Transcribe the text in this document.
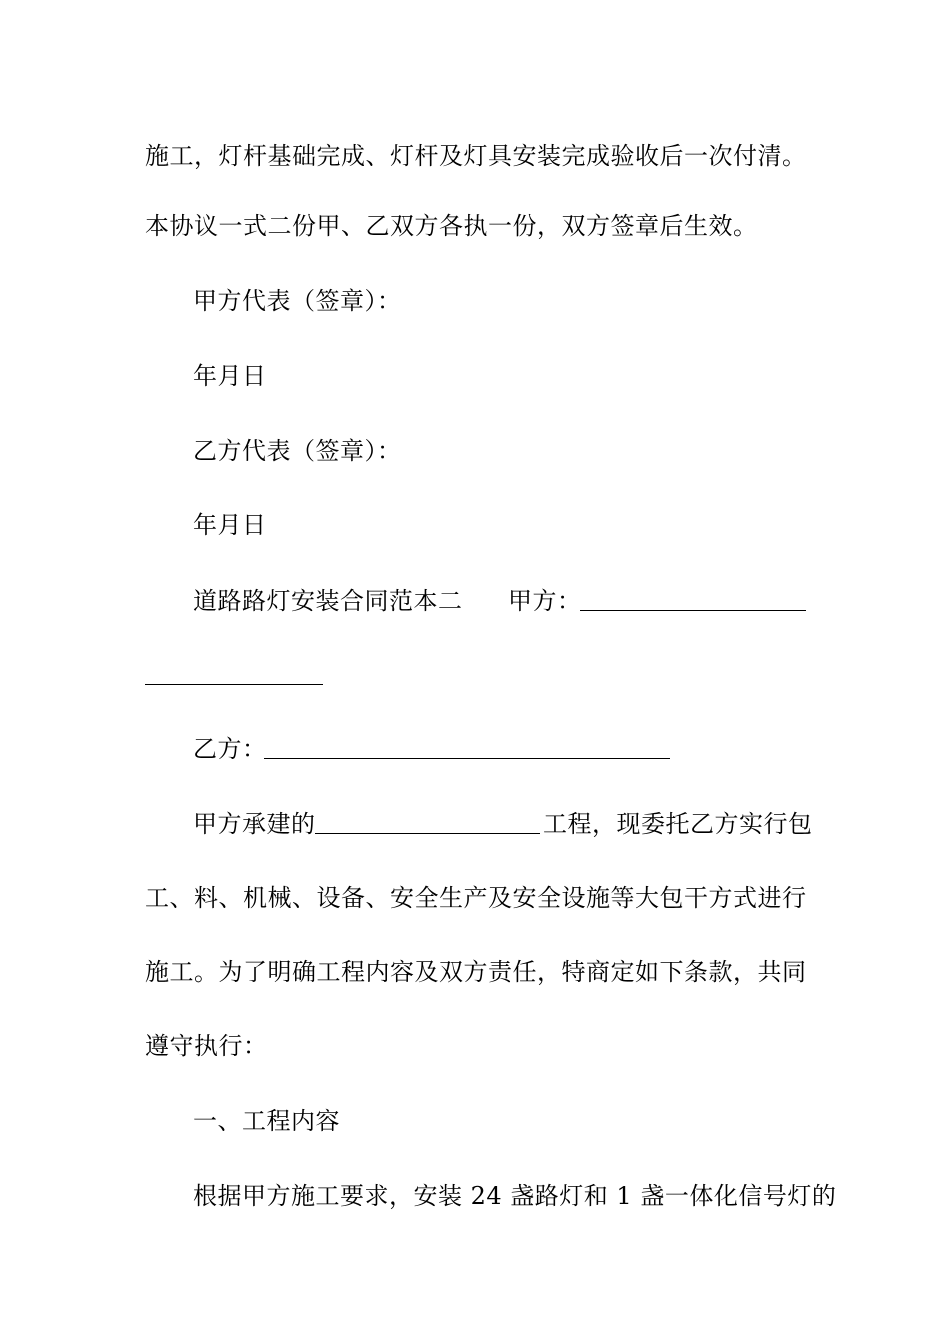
施工，灯杆基础完成、灯杆及灯具安装完成验收后一次付清。
本协议一式二份甲、乙双方各执一份，双方签章后生效。
甲方代表（签章）：
年月日
乙方代表（签章）：
年月日
道路路灯安装合同范本二 甲方：
乙方：
甲方承建的	工程，现委托乙方实行包
工、料、机械、设备、安全生产及安全设施等大包干方式进行
施工。为了明确工程内容及双方责任，特商定如下条款，共同
遵守执行：
一、工程内容
根据甲方施工要求，安装 24 盏路灯和 1 盏一体化信号灯的
